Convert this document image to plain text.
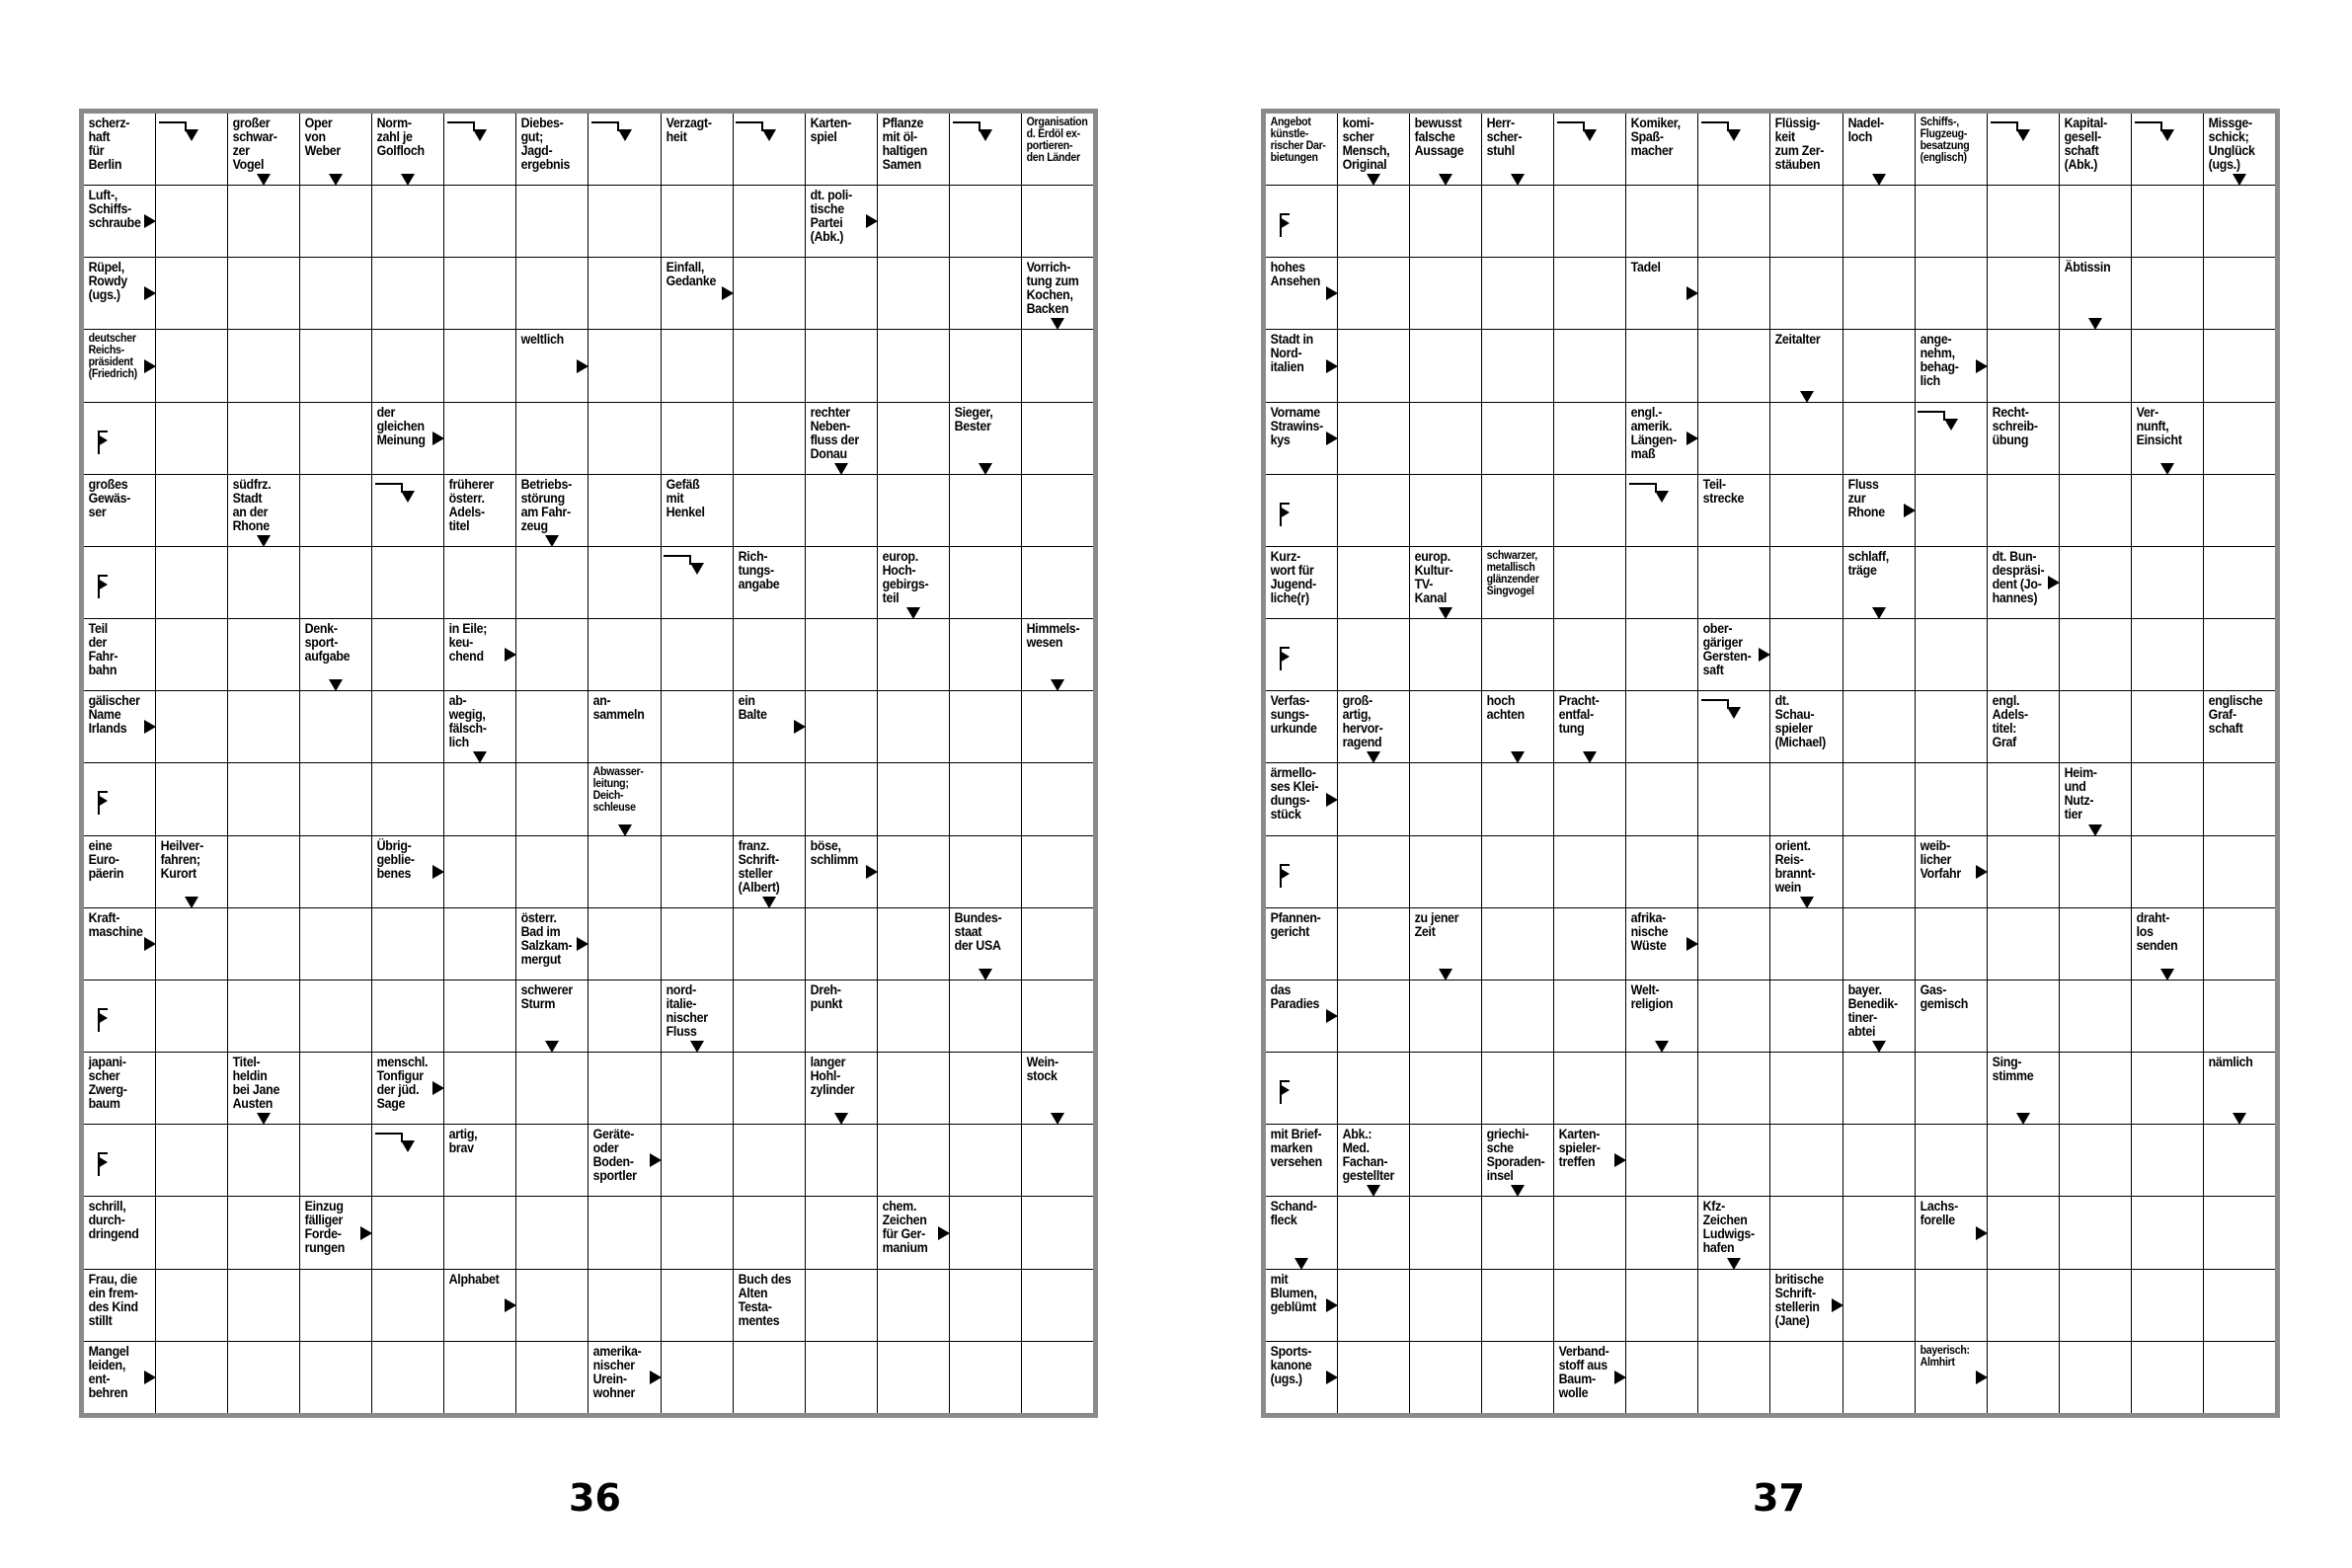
scherz-
haft
für
Berlin
großer
schwar-
zer
Vogel
Oper
von
Weber
Norm-
zahl je
Golfloch
Diebes-
gut;
Jagd-
ergebnis
Verzagt-
heit
Karten-
spiel
Pflanze
mit öl-
haltigen
Samen
Organisation
d. Erdöl ex-
portieren-
den Länder
Luft-,
Schiffs-
schraube
dt. poli-
tische
Partei
(Abk.)
Rüpel,
Rowdy
(ugs.)
Einfall,
Gedanke
Vorrich-
tung zum
Kochen,
Backen
deutscher
Reichs-
präsident
(Friedrich)
weltlich
der
gleichen
Meinung
rechter
Neben-
fluss der
Donau
Sieger,
Bester
großes
Gewäs-
ser
südfrz.
Stadt
an der
Rhone
früherer
österr.
Adels-
titel
Betriebs-
störung
am Fahr-
zeug
Gefäß
mit
Henkel
Rich-
tungs-
angabe
europ.
Hoch-
gebirgs-
teil
Teil
der
Fahr-
bahn
Denk-
sport-
aufgabe
in Eile;
keu-
chend
Himmels-
wesen
gälischer
Name
Irlands
ab-
wegig,
fälsch-
lich
an-
sammeln
ein
Balte
Abwasser-
leitung;
Deich-
schleuse
eine
Euro-
päerin
Heilver-
fahren;
Kurort
Übrig-
geblie-
benes
franz.
Schrift-
steller
(Albert)
böse,
schlimm
Kraft-
maschine
österr.
Bad im
Salzkam-
mergut
Bundes-
staat
der USA
schwerer
Sturm
nord-
italie-
nischer
Fluss
Dreh-
punkt
japani-
scher
Zwerg-
baum
Titel-
heldin
bei Jane
Austen
menschl.
Tonfigur
der jüd.
Sage
langer
Hohl-
zylinder
Wein-
stock
artig,
brav
Geräte-
oder
Boden-
sportler
schrill,
durch-
dringend
Einzug
fälliger
Forde-
rungen
chem.
Zeichen
für Ger-
manium
Frau, die
ein frem-
des Kind
stillt
Alphabet	Buch des
Alten
Testa-
mentes
Mangel
leiden,
ent-
behren
amerika-
nischer
Urein-
wohner
Angebot
künstle-
rischer Dar-
bietungen
komi-
scher
Mensch,
Original
bewusst
falsche
Aussage
Herr-
scher-
stuhl
Komiker,
Spaß-
macher
Flüssig-
keit
zum Zer-
stäuben
Nadel-
loch
Schiffs-,
Flugzeug-
besatzung
(englisch)
Kapital-
gesell-
schaft
(Abk.)
Missge-
schick;
Unglück
(ugs.)
hohes
Ansehen
Tadel	Äbtissin
Stadt in
Nord-
italien
Zeitalter	ange-
nehm,
behag-
lich
Vorname
Strawins-
kys
engl.-
amerik.
Längen-
maß
Recht-
schreib-
übung
Ver-
nunft,
Einsicht
Teil-
strecke
Fluss
zur
Rhone
Kurz-
wort für
Jugend-
liche(r)
europ.
Kultur-
TV-
Kanal
schwarzer,
metallisch
glänzender
Singvogel
schlaff,
träge
dt. Bun-
despräsi-
dent (Jo-
hannes)
ober-
gäriger
Gersten-
saft
Verfas-
sungs-
urkunde
groß-
artig,
hervor-
ragend
hoch
achten
Pracht-
entfal-
tung
dt.
Schau-
spieler
(Michael)
engl.
Adels-
titel:
Graf
englische
Graf-
schaft
ärmello-
ses Klei-
dungs-
stück
Heim-
und
Nutz-
tier
orient.
Reis-
brannt-
wein
weib-
licher
Vorfahr
Pfannen-
gericht
zu jener
Zeit
afrika-
nische
Wüste
draht-
los
senden
das
Paradies
Welt-
religion
bayer.
Benedik-
tiner-
abtei
Gas-
gemisch
Sing-
stimme
nämlich
mit Brief-
marken
versehen
Abk.:
Med.
Fachan-
gestellter
griechi-
sche
Sporaden-
insel
Karten-
spieler-
treffen
Schand-
fleck
Kfz-
Zeichen
Ludwigs-
hafen
Lachs-
forelle
mit
Blumen,
geblümt
britische
Schrift-
stellerin
(Jane)
Sports-
kanone
(ugs.)
Verband-
stoff aus
Baum-
wolle
bayerisch:
Almhirt
36	37
